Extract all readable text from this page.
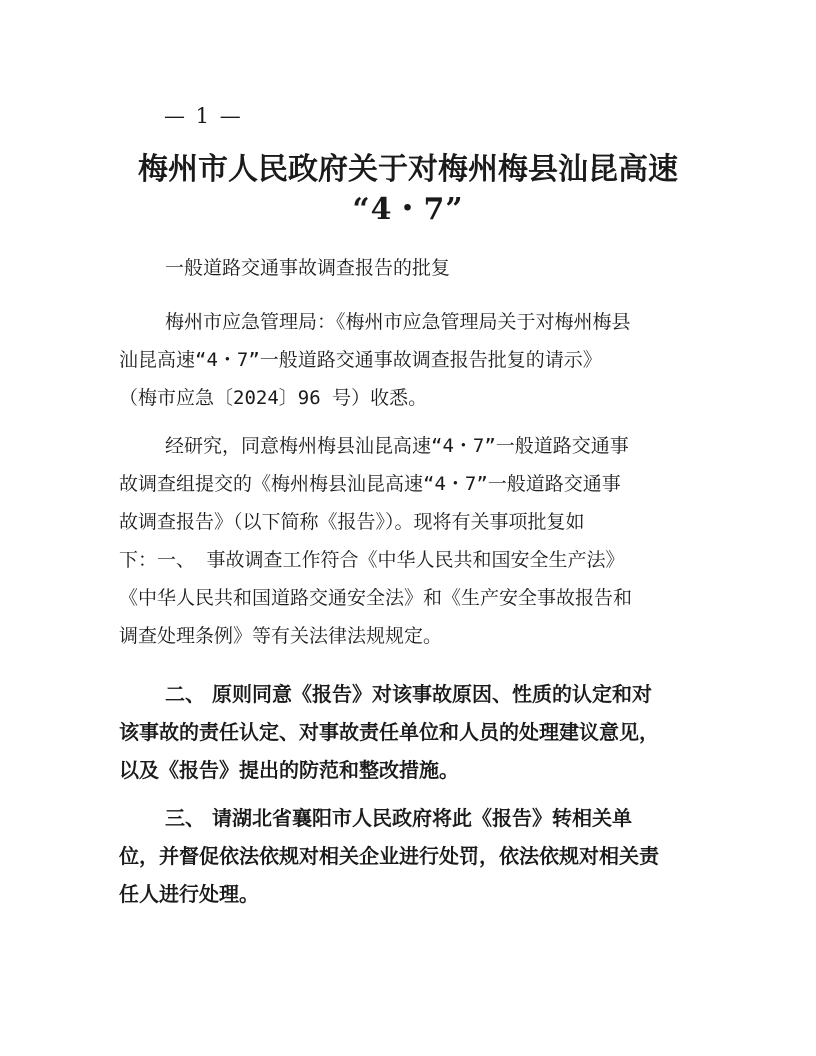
— 1 —
梅州市人民政府关于对梅州梅县汕昆高速
“4・7”
一般道路交通事故调查报告的批复

梅州市应急管理局：《梅州市应急管理局关于对梅州梅县
汕昆高速“4・7”一般道路交通事故调查报告批复的请示》
（梅市应急〔2024〕96 号）收悉。

经研究，同意梅州梅县汕昆高速“4・7”一般道路交通事
故调查组提交的《梅州梅县汕昆高速“4・7”一般道路交通事
故调查报告》（以下简称《报告》）。现将有关事项批复如
下：一、 事故调查工作符合《中华人民共和国安全生产法》
《中华人民共和国道路交通安全法》和《生产安全事故报告和
调查处理条例》等有关法律法规规定。

二、 原则同意《报告》对该事故原因、性质的认定和对
该事故的责任认定、对事故责任单位和人员的处理建议意见，
以及《报告》提出的防范和整改措施。

三、 请湖北省襄阳市人民政府将此《报告》转相关单
位，并督促依法依规对相关企业进行处罚，依法依规对相关责
任人进行处理。
